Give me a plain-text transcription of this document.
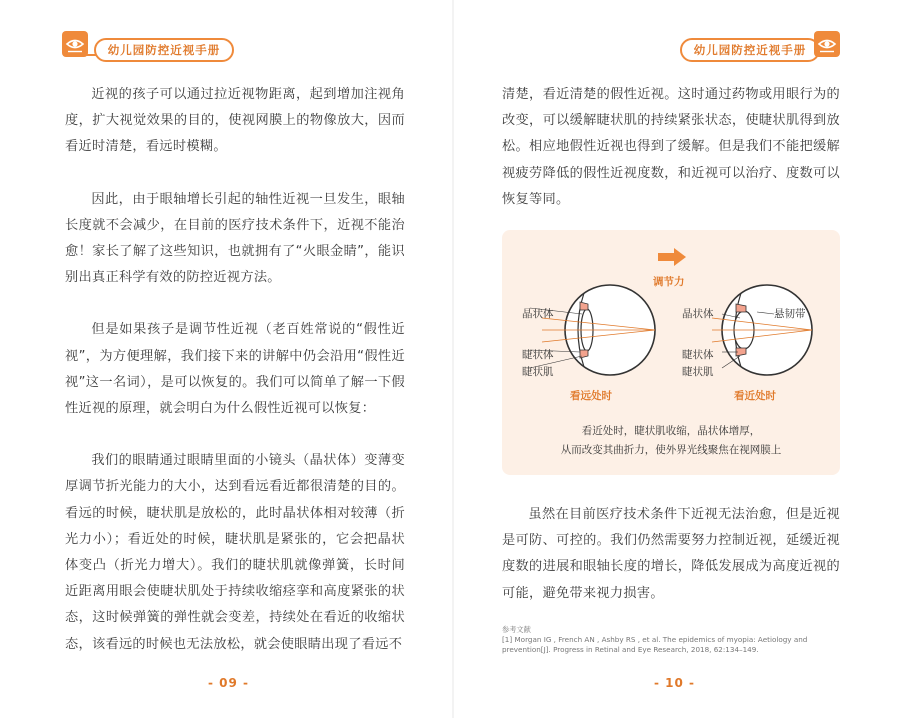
幼儿园防控近视手册

近视的孩子可以通过拉近视物距离，起到增加注视角度，扩大视觉效果的目的，使视网膜上的物像放大，因而看近时清楚，看远时模糊。

因此，由于眼轴增长引起的轴性近视一旦发生，眼轴长度就不会减少，在目前的医疗技术条件下，近视不能治愈！家长了解了这些知识，也就拥有了“火眼金睛”，能识别出真正科学有效的防控近视方法。

但是如果孩子是调节性近视（老百姓常说的“假性近视”，为方便理解，我们接下来的讲解中仍会沿用“假性近视”这一名词），是可以恢复的。我们可以简单了解一下假性近视的原理，就会明白为什么假性近视可以恢复：

我们的眼睛通过眼睛里面的小镜头（晶状体）变薄变厚调节折光能力的大小，达到看远看近都很清楚的目的。看远的时候，睫状肌是放松的，此时晶状体相对较薄（折光力小）；看近处的时候，睫状肌是紧张的，它会把晶状体变凸（折光力增大）。我们的睫状肌就像弹簧，长时间近距离用眼会使睫状肌处于持续收缩痉挛和高度紧张的状态，这时候弹簧的弹性就会变差，持续处在看近的收缩状态，该看远的时候也无法放松，就会使眼睛出现了看远不

- 09 -
幼儿园防控近视手册

清楚，看近清楚的假性近视。这时通过药物或用眼行为的改变，可以缓解睫状肌的持续紧张状态，使睫状肌得到放松。相应地假性近视也得到了缓解。但是我们不能把缓解视疲劳降低的假性近视度数，和近视可以治疗、度数可以恢复等同。

调节力
晶状体
睫状体
睫状肌
看远处时
晶状体	悬韧带
睫状体
睫状肌
看近处时
看近处时，睫状肌收缩，晶状体增厚，
从而改变其曲折力，使外界光线聚焦在视网膜上

虽然在目前医疗技术条件下近视无法治愈，但是近视是可防、可控的。我们仍然需要努力控制近视，延缓近视度数的进展和眼轴长度的增长，降低发展成为高度近视的可能，避免带来视力损害。

参考文献
[1] Morgan IG , French AN , Ashby RS , et al. The epidemics of myopia: Aetiology and prevention[J]. Progress in Retinal and Eye Research, 2018, 62:134–149.
- 10 -
